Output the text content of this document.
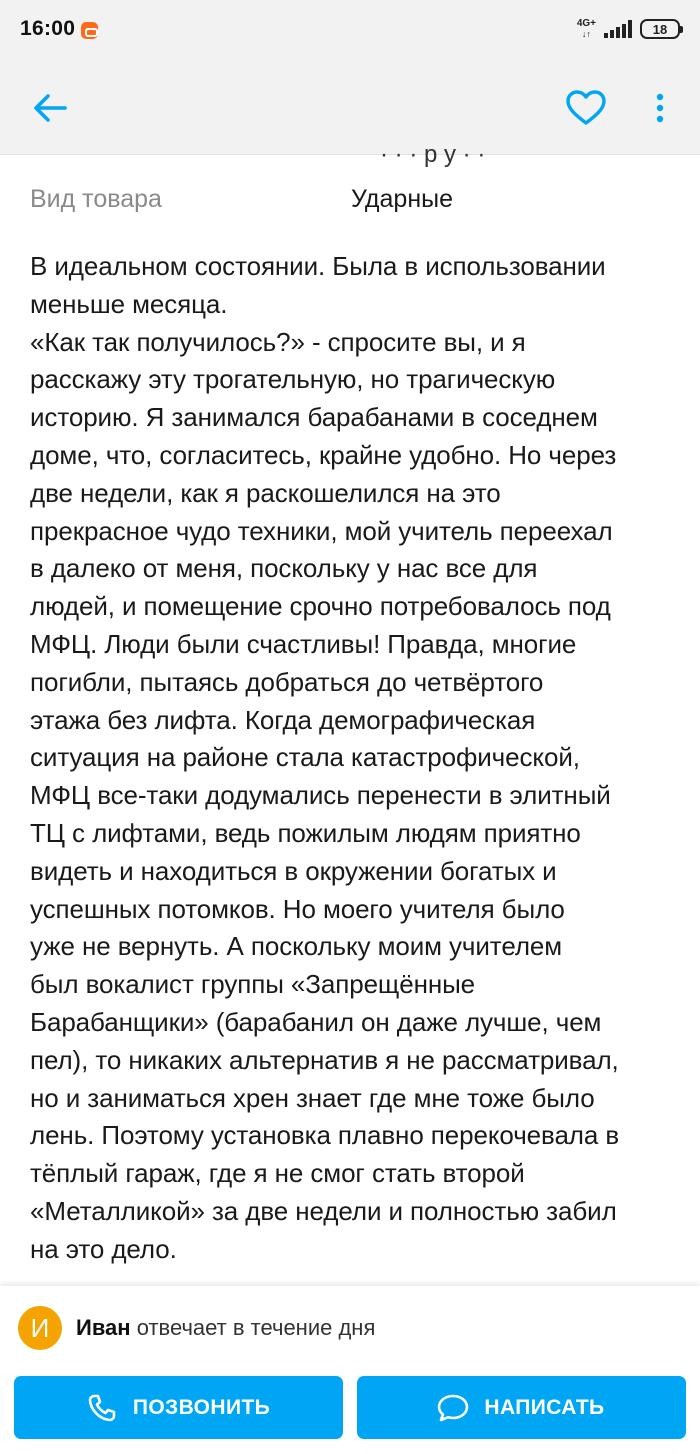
16:00	4G+
↓↑	18
· · · р у · ·
Вид товара	Ударные

В идеальном состоянии. Была в использовании

меньше месяца.

«Как так получилось?» - спросите вы, и я

расскажу эту трогательную, но трагическую

историю. Я занимался барабанами в соседнем

доме, что, согласитесь, крайне удобно. Но через

две недели, как я раскошелился на это

прекрасное чудо техники, мой учитель переехал

в далеко от меня, поскольку у нас все для

людей, и помещение срочно потребовалось под

МФЦ. Люди были счастливы! Правда, многие

погибли, пытаясь добраться до четвёртого

этажа без лифта. Когда демографическая

ситуация на районе стала катастрофической,

МФЦ все-таки додумались перенести в элитный

ТЦ с лифтами, ведь пожилым людям приятно

видеть и находиться в окружении богатых и

успешных потомков. Но моего учителя было

уже не вернуть. А поскольку моим учителем

был вокалист группы «Запрещённые

Барабанщики» (барабанил он даже лучше, чем

пел), то никаких альтернатив я не рассматривал,

но и заниматься хрен знает где мне тоже было

лень. Поэтому установка плавно перекочевала в

тёплый гараж, где я не смог стать второй

«Металликой» за две недели и полностью забил

на это дело.

И	Иван отвечает в течение дня
ПОЗВОНИТЬ	НАПИСАТЬ
